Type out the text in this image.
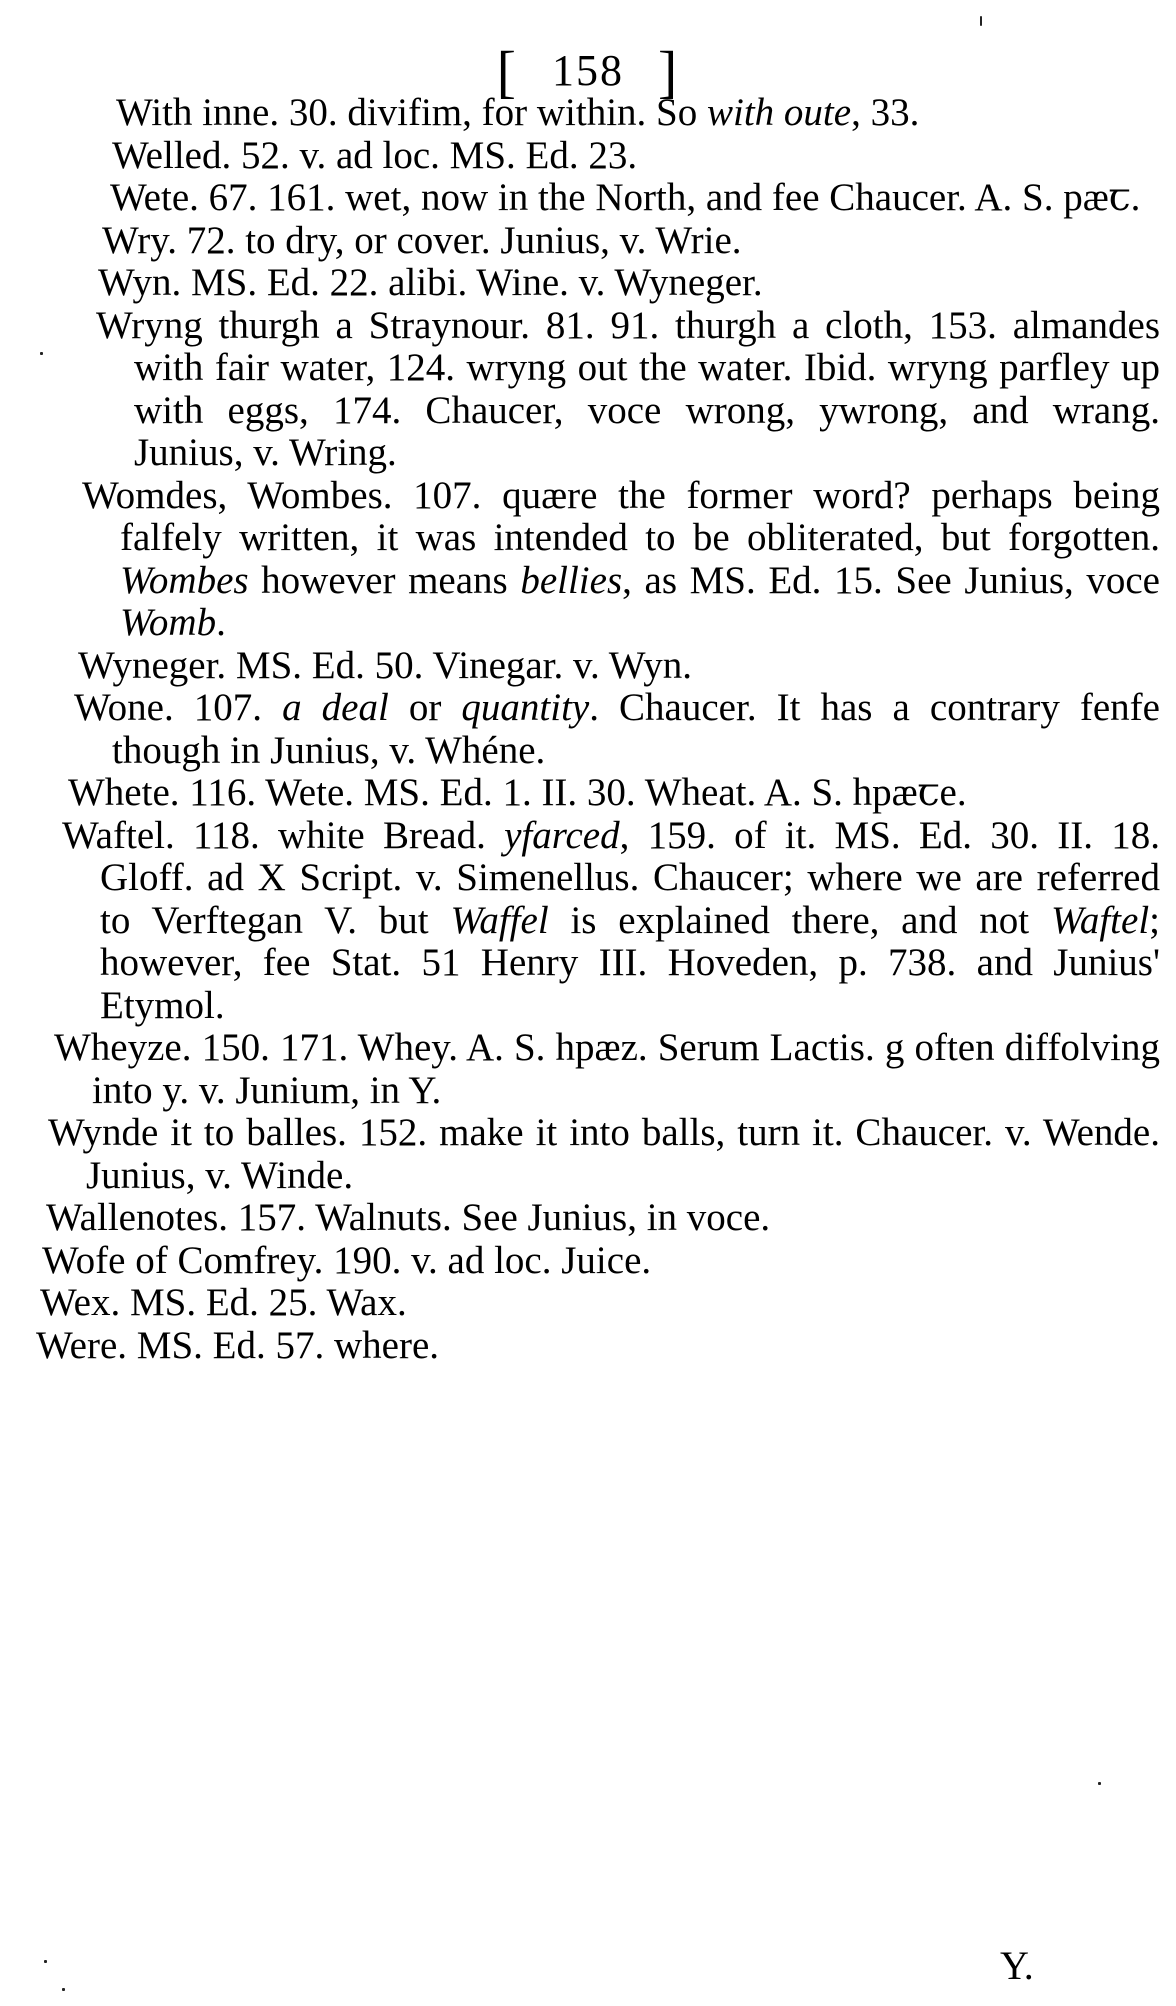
[ 158 ]

With inne. 30. divifim, for within. So with oute, 33.

Welled. 52. v. ad loc. MS. Ed. 23.

Wete. 67. 161. wet, now in the North, and fee Chaucer. A. S. pæꞇ.

Wry. 72. to dry, or cover. Junius, v. Wrie.

Wyn. MS. Ed. 22. alibi. Wine. v. Wyneger.

Wryng thurgh a Straynour. 81. 91. thurgh a cloth, 153. almandes with fair water, 124. wryng out the water. Ibid. wryng parfley up with eggs, 174. Chaucer, voce wrong, ywrong, and wrang. Junius, v. Wring.

Womdes, Wombes. 107. quære the former word? perhaps being falfely written, it was intended to be obliterated, but forgotten. Wombes however means bellies, as MS. Ed. 15. See Junius, voce Womb.

Wyneger. MS. Ed. 50. Vinegar. v. Wyn.

Wone. 107. a deal or quantity. Chaucer. It has a contrary fenfe though in Junius, v. Whéne.

Whete. 116. Wete. MS. Ed. 1. II. 30. Wheat. A. S. hpæꞇe.

Waftel. 118. white Bread. yfarced, 159. of it. MS. Ed. 30. II. 18. Gloff. ad X Script. v. Simenellus. Chaucer; where we are referred to Verftegan V. but Waffel is explained there, and not Waftel; however, fee Stat. 51 Henry III. Hoveden, p. 738. and Junius' Etymol.

Wheyze. 150. 171. Whey. A. S. hpæz. Serum Lactis. g often diffolving into y. v. Junium, in Y.

Wynde it to balles. 152. make it into balls, turn it. Chaucer. v. Wende. Junius, v. Winde.

Wallenotes. 157. Walnuts. See Junius, in voce.

Wofe of Comfrey. 190. v. ad loc. Juice.

Wex. MS. Ed. 25. Wax.

Were. MS. Ed. 57. where.

Y.
